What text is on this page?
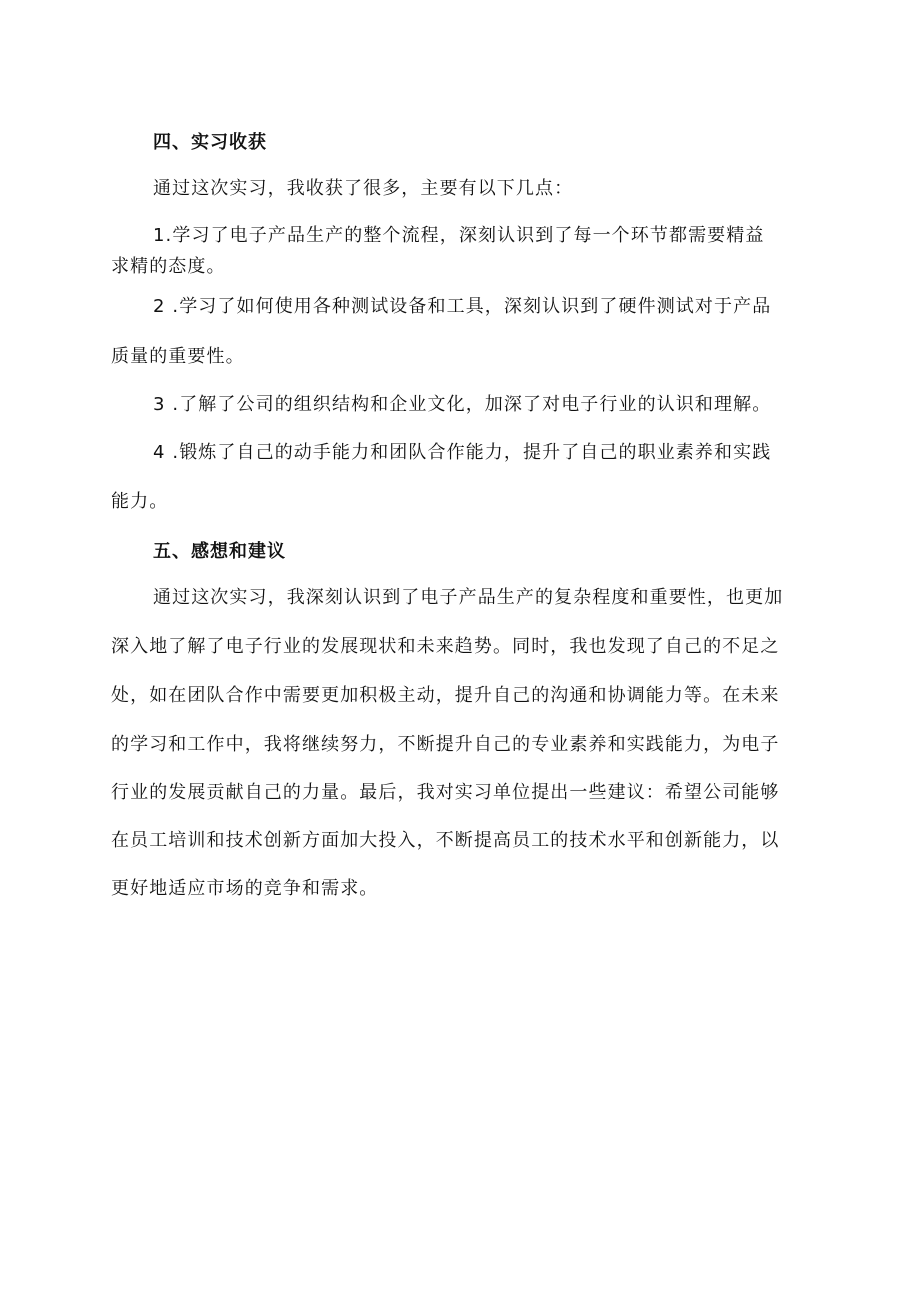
四、实习收获
通过这次实习，我收获了很多，主要有以下几点：
1.学习了电子产品生产的整个流程，深刻认识到了每一个环节都需要精益
求精的态度。
2 .学习了如何使用各种测试设备和工具，深刻认识到了硬件测试对于产品
质量的重要性。
3 .了解了公司的组织结构和企业文化，加深了对电子行业的认识和理解。
4 .锻炼了自己的动手能力和团队合作能力，提升了自己的职业素养和实践
能力。
五、感想和建议
通过这次实习，我深刻认识到了电子产品生产的复杂程度和重要性，也更加
深入地了解了电子行业的发展现状和未来趋势。同时，我也发现了自己的不足之
处，如在团队合作中需要更加积极主动，提升自己的沟通和协调能力等。在未来
的学习和工作中，我将继续努力，不断提升自己的专业素养和实践能力，为电子
行业的发展贡献自己的力量。最后，我对实习单位提出一些建议：希望公司能够
在员工培训和技术创新方面加大投入，不断提高员工的技术水平和创新能力，以
更好地适应市场的竞争和需求。
